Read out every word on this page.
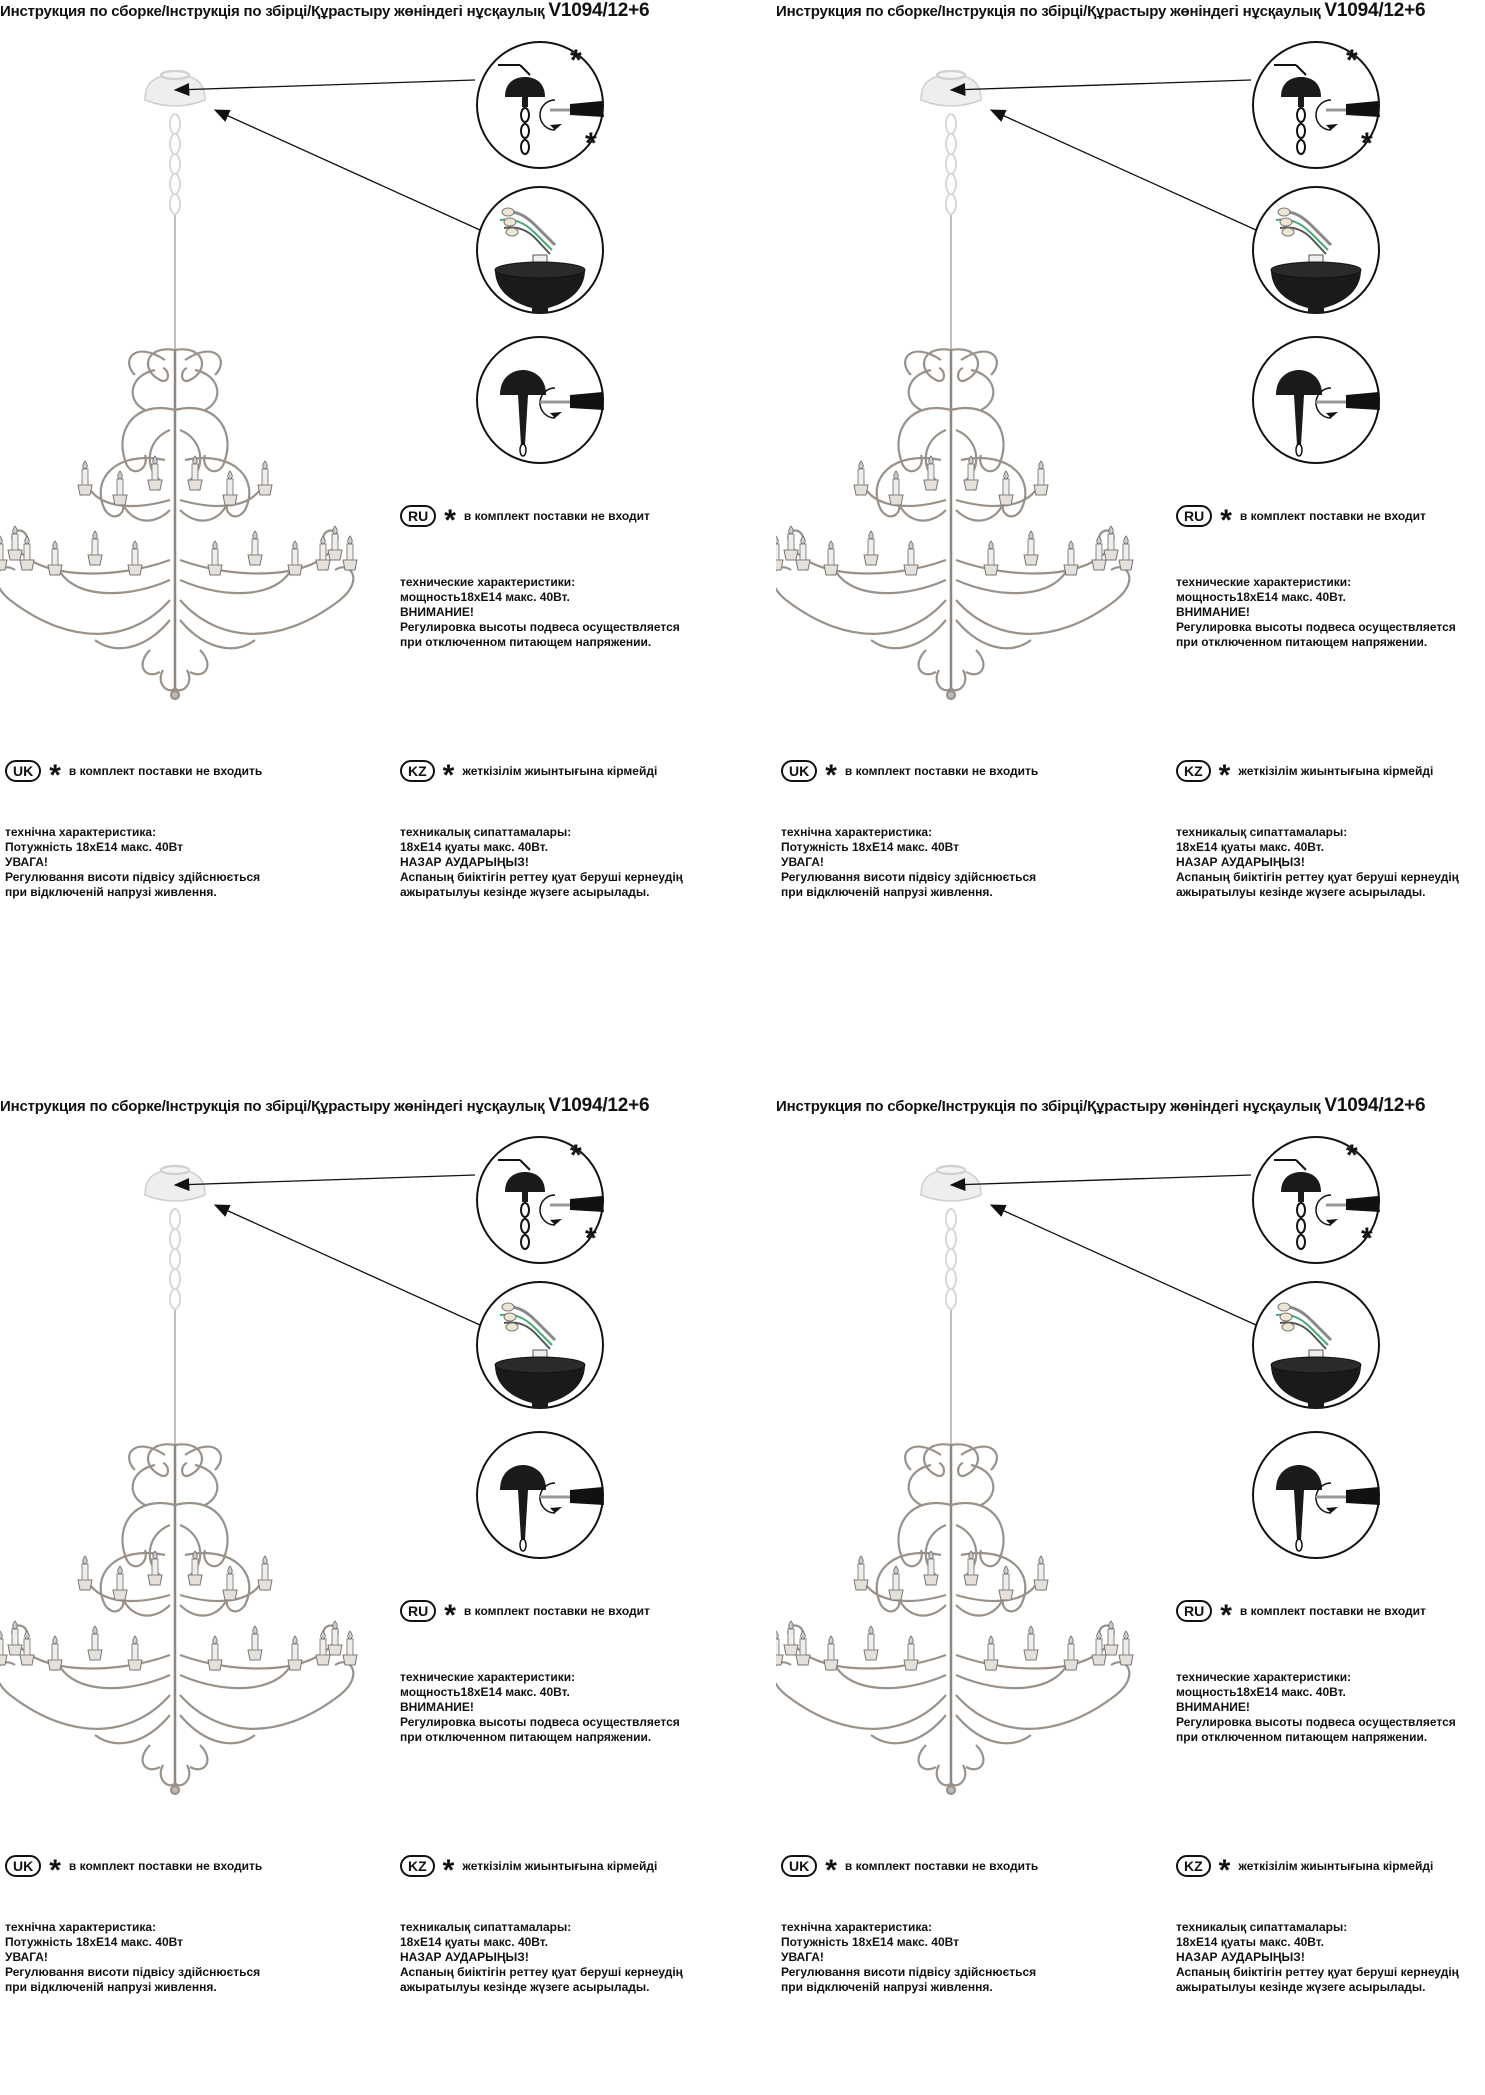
Инструкция по сборке/Інструкція по збірці/Құрастыру жөніндегі нұсқаулық V1094/12+6
RU * в комплект поставки не входит
технические характеристики:
мощность18хЕ14 макс. 40Вт.
ВНИМАНИЕ!
Регулировка высоты подвеса осуществляется
при отключенном питающем напряжении.
UK * в комплект поставки не входить
технічна характеристика:
Потужність 18хЕ14 макс. 40Вт
УВАГА!
Регулювання висоти підвісу здійснюється
при відключеній напрузі живлення.
KZ * жеткізілім жиынтығына кірмейді
техникалық сипаттамалары:
18хЕ14 қуаты макс. 40Вт.
НАЗАР АУДАРЫҢЫЗ!
Аспаның биіктігін реттеу қуат беруші кернеудің
ажыратылуы кезінде жүзеге асырылады.
Инструкция по сборке/Інструкція по збірці/Құрастыру жөніндегі нұсқаулық V1094/12+6
RU * в комплект поставки не входит
технические характеристики:
мощность18хЕ14 макс. 40Вт.
ВНИМАНИЕ!
Регулировка высоты подвеса осуществляется
при отключенном питающем напряжении.
UK * в комплект поставки не входить
технічна характеристика:
Потужність 18хЕ14 макс. 40Вт
УВАГА!
Регулювання висоти підвісу здійснюється
при відключеній напрузі живлення.
KZ * жеткізілім жиынтығына кірмейді
техникалық сипаттамалары:
18хЕ14 қуаты макс. 40Вт.
НАЗАР АУДАРЫҢЫЗ!
Аспаның биіктігін реттеу қуат беруші кернеудің
ажыратылуы кезінде жүзеге асырылады.
Инструкция по сборке/Інструкція по збірці/Құрастыру жөніндегі нұсқаулық V1094/12+6
RU * в комплект поставки не входит
технические характеристики:
мощность18хЕ14 макс. 40Вт.
ВНИМАНИЕ!
Регулировка высоты подвеса осуществляется
при отключенном питающем напряжении.
UK * в комплект поставки не входить
технічна характеристика:
Потужність 18хЕ14 макс. 40Вт
УВАГА!
Регулювання висоти підвісу здійснюється
при відключеній напрузі живлення.
KZ * жеткізілім жиынтығына кірмейді
техникалық сипаттамалары:
18хЕ14 қуаты макс. 40Вт.
НАЗАР АУДАРЫҢЫЗ!
Аспаның биіктігін реттеу қуат беруші кернеудің
ажыратылуы кезінде жүзеге асырылады.
Инструкция по сборке/Інструкція по збірці/Құрастыру жөніндегі нұсқаулық V1094/12+6
RU * в комплект поставки не входит
технические характеристики:
мощность18хЕ14 макс. 40Вт.
ВНИМАНИЕ!
Регулировка высоты подвеса осуществляется
при отключенном питающем напряжении.
UK * в комплект поставки не входить
технічна характеристика:
Потужність 18хЕ14 макс. 40Вт
УВАГА!
Регулювання висоти підвісу здійснюється
при відключеній напрузі живлення.
KZ * жеткізілім жиынтығына кірмейді
техникалық сипаттамалары:
18хЕ14 қуаты макс. 40Вт.
НАЗАР АУДАРЫҢЫЗ!
Аспаның биіктігін реттеу қуат беруші кернеудің
ажыратылуы кезінде жүзеге асырылады.
